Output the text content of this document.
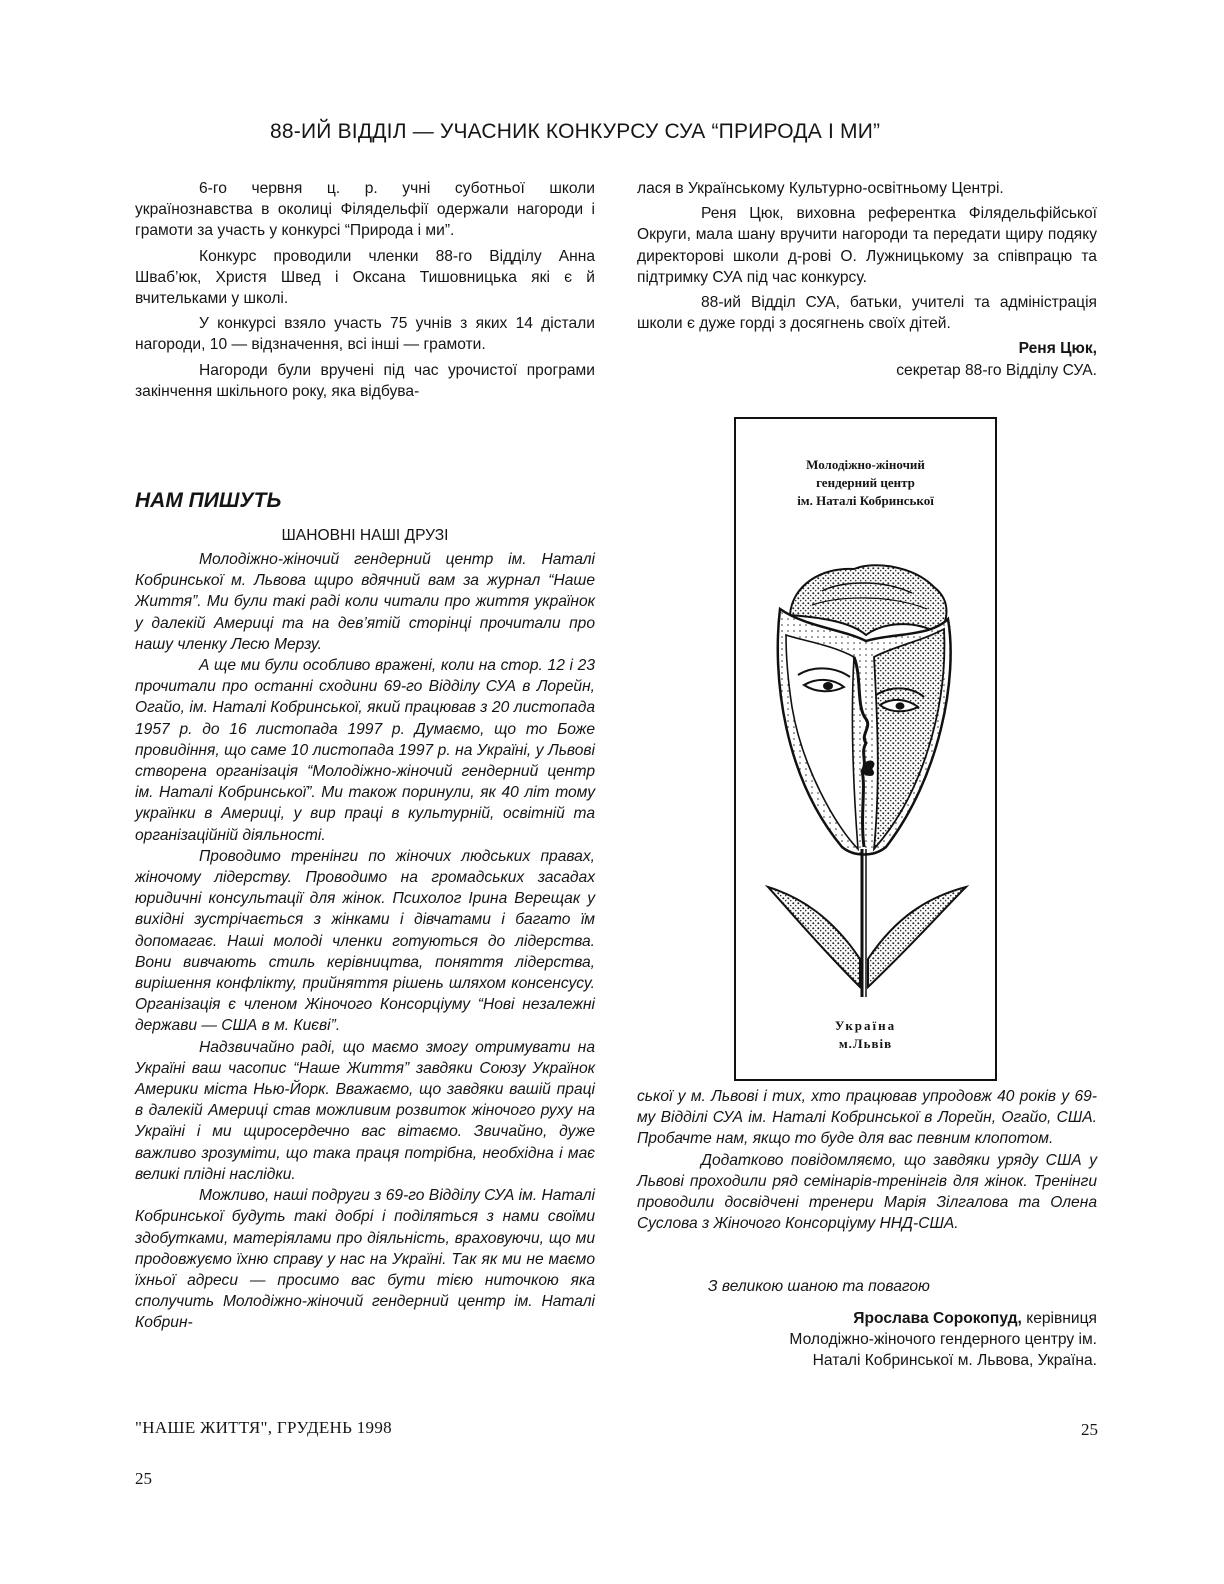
88-ИЙ ВІДДІЛ — УЧАСНИК КОНКУРСУ СУА “ПРИРОДА І МИ”

6-го червня ц. р. учні суботньої школи українознавства в околиці Філядельфії одержали нагороди і грамоти за участь у конкурсі “Природа і ми”.

Конкурс проводили членки 88-го Відділу Анна Шваб’юк, Христя Швед і Оксана Тишовницька які є й вчительками у школі.

У конкурсі взяло участь 75 учнів з яких 14 дістали нагороди, 10 — відзначення, всі інші — грамоти.

Нагороди були вручені під час урочистої програми закінчення шкільного року, яка відбува-

лася в Українському Культурно-освітньому Центрі.

Реня Цюк, виховна референтка Філядельфійської Округи, мала шану вручити нагороди та передати щиру подяку директорові школи д-рові О. Лужницькому за співпрацю та підтримку СУА під час конкурсу.

88-ий Відділ СУА, батьки, учителі та адміністрація школи є дуже горді з досягнень своїх дітей.

Реня Цюк,
секретар 88-го Відділу СУА.
НАМ ПИШУТЬ
ШАНОВНІ НАШІ ДРУЗІ

Молодіжно-жіночий гендерний центр ім. Наталі Кобринської м. Львова щиро вдячний вам за журнал “Наше Життя”. Ми були такі раді коли читали про життя українок у далекій Америці та на дев’ятій сторінці прочитали про нашу членку Лесю Мерзу.

А ще ми були особливо вражені, коли на стор. 12 і 23 прочитали про останні сходини 69-го Відділу СУА в Лорейн, Огайо, ім. Наталі Кобринської, який працював з 20 листопада 1957 р. до 16 листопада 1997 р. Думаємо, що то Боже провидіння, що саме 10 листопада 1997 р. на Україні, у Львові створена організація “Молодіжно-жіночий гендерний центр ім. Наталі Кобринської”. Ми також поринули, як 40 літ тому українки в Америці, у вир праці в культурній, освітній та організаційній діяльності.

Проводимо тренінги по жіночих людських правах, жіночому лідерству. Проводимо на громадських засадах юридичні консультації для жінок. Психолог Ірина Верещак у вихідні зустрічається з жінками і дівчатами і багато їм допомагає. Наші молоді членки готуються до лідерства. Вони вивчають стиль керівництва, поняття лідерства, вирішення конфлікту, прийняття рішень шляхом консенсусу. Організація є членом Жіночого Консорціуму “Нові незалежні держави — США в м. Києві”.

Надзвичайно раді, що маємо змогу отримувати на Україні ваш часопис “Наше Життя” завдяки Союзу Українок Америки міста Нью-Йорк. Вважаємо, що завдяки вашій праці в далекій Америці став можливим розвиток жіночого руху на Україні і ми щиросердечно вас вітаємо. Звичайно, дуже важливо зрозуміти, що така праця потрібна, необхідна і має великі плідні наслідки.

Можливо, наші подруги з 69-го Відділу СУА ім. Наталі Кобринської будуть такі добрі і поділяться з нами своїми здобутками, матеріялами про діяльність, враховуючи, що ми продовжуємо їхню справу у нас на Україні. Так як ми не маємо їхньої адреси — просимо вас бути тією ниточкою яка сполучить Молодіжно-жіночий гендерний центр ім. Наталі Кобрин-

Молодіжно-жіночий
гендерний центр
ім. Наталі Кобринської
Україна
м.Львів

ської у м. Львові і тих, хто працював упродовж 40 років у 69-му Відділі СУА ім. Наталі Кобринської в Лорейн, Огайо, США. Пробачте нам, якщо то буде для вас певним клопотом.

Додатково повідомляємо, що завдяки уряду США у Львові проходили ряд семінарів-тренінгів для жінок. Тренінги проводили досвідчені тренери Марія Зілгалова та Олена Суслова з Жіночого Консорціуму ННД-США.

З великою шаною та повагою
Ярослава Сорокопуд, керівниця
Молодіжно-жіночого гендерного центру ім.
Наталі Кобринської м. Львова, Україна.
"НАШЕ ЖИТТЯ", ГРУДЕНЬ 1998	25
25
